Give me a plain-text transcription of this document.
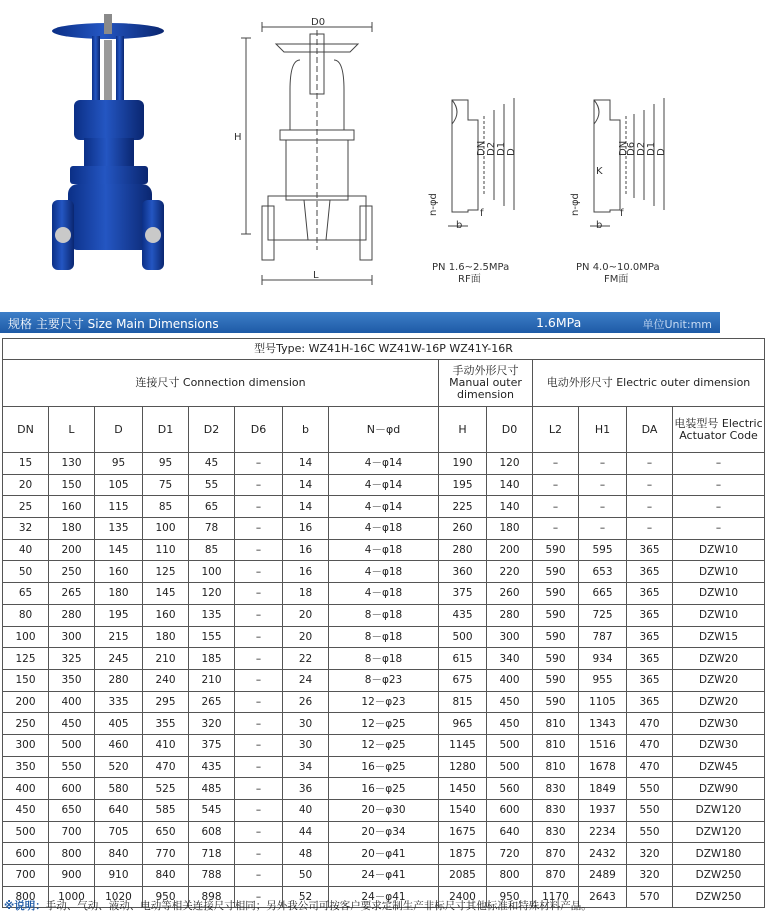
D0
H
L
DN D2 D1 D
n-φd
b
f
PN 1.6~2.5MPa
RF面
DN
D6 D2 D1 D
n-φd
K
b
f
PN 4.0~10.0MPa
FM面
规格 主要尺寸 Size Main Dimensions	1.6MPa	单位Unit:mm
型号Type: WZ41H-16C WZ41W-16P WZ41Y-16R													
连接尺寸 Connection dimension								手动外形尺寸 Manual outer dimension		电动外形尺寸 Electric outer dimension			
DN	L	D	D1	D2	D6	b	N－φd	H	D0	L2	H1	DA	电装型号 Electric Actuator Code
15	130	95	95	45	–	14	4－φ14	190	120	–	–	–	–
20	150	105	75	55	–	14	4－φ14	195	140	–	–	–	–
25	160	115	85	65	–	14	4－φ14	225	140	–	–	–	–
32	180	135	100	78	–	16	4－φ18	260	180	–	–	–	–
40	200	145	110	85	–	16	4－φ18	280	200	590	595	365	DZW10
50	250	160	125	100	–	16	4－φ18	360	220	590	653	365	DZW10
65	265	180	145	120	–	18	4－φ18	375	260	590	665	365	DZW10
80	280	195	160	135	–	20	8－φ18	435	280	590	725	365	DZW10
100	300	215	180	155	–	20	8－φ18	500	300	590	787	365	DZW15
125	325	245	210	185	–	22	8－φ18	615	340	590	934	365	DZW20
150	350	280	240	210	–	24	8－φ23	675	400	590	955	365	DZW20
200	400	335	295	265	–	26	12－φ23	815	450	590	1105	365	DZW20
250	450	405	355	320	–	30	12－φ25	965	450	810	1343	470	DZW30
300	500	460	410	375	–	30	12－φ25	1145	500	810	1516	470	DZW30
350	550	520	470	435	–	34	16－φ25	1280	500	810	1678	470	DZW45
400	600	580	525	485	–	36	16－φ25	1450	560	830	1849	550	DZW90
450	650	640	585	545	–	40	20－φ30	1540	600	830	1937	550	DZW120
500	700	705	650	608	–	44	20－φ34	1675	640	830	2234	550	DZW120
600	800	840	770	718	–	48	20－φ41	1875	720	870	2432	320	DZW180
700	900	910	840	788	–	50	24－φ41	2085	800	870	2489	320	DZW250
800	1000	1020	950	898	–	52	24－φ41	2400	950	1170	2643	570	DZW250
※说明：手动、气动、液动、电动等相关连接尺寸相同；另外我公司可按客户要求定制生产非标尺寸其他标准和特殊材料产品。
